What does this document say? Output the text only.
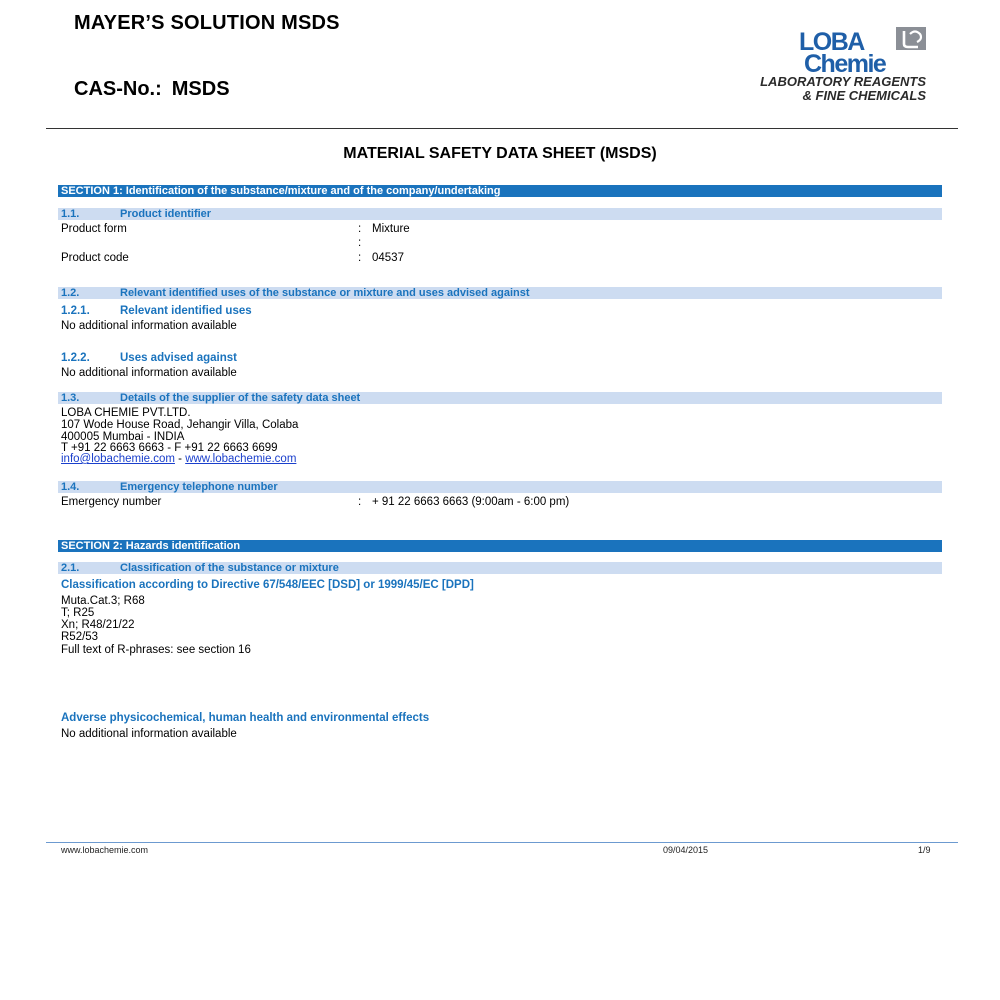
MAYER’S SOLUTION MSDS
CAS-No.: MSDS
LOBA
Chemie
LABORATORY REAGENTS
& FINE CHEMICALS
MATERIAL SAFETY DATA SHEET (MSDS)
SECTION 1: Identification of the substance/mixture and of the company/undertaking
1.1.	Product identifier
Product form	: Mixture
:
Product code	: 04537
1.2.	Relevant identified uses of the substance or mixture and uses advised against
1.2.1.	Relevant identified uses
No additional information available
1.2.2.	Uses advised against
No additional information available
1.3.	Details of the supplier of the safety data sheet
LOBA CHEMIE PVT.LTD.
107 Wode House Road, Jehangir Villa, Colaba
400005 Mumbai - INDIA
T +91 22 6663 6663 - F +91 22 6663 6699
info@lobachemie.com - www.lobachemie.com
1.4.	Emergency telephone number
Emergency number	: + 91 22 6663 6663 (9:00am - 6:00 pm)
SECTION 2: Hazards identification
2.1.	Classification of the substance or mixture
Classification according to Directive 67/548/EEC [DSD] or 1999/45/EC [DPD]
Muta.Cat.3; R68
T; R25
Xn; R48/21/22
R52/53
Full text of R-phrases: see section 16
Adverse physicochemical, human health and environmental effects
No additional information available
www.lobachemie.com	09/04/2015	1/9
